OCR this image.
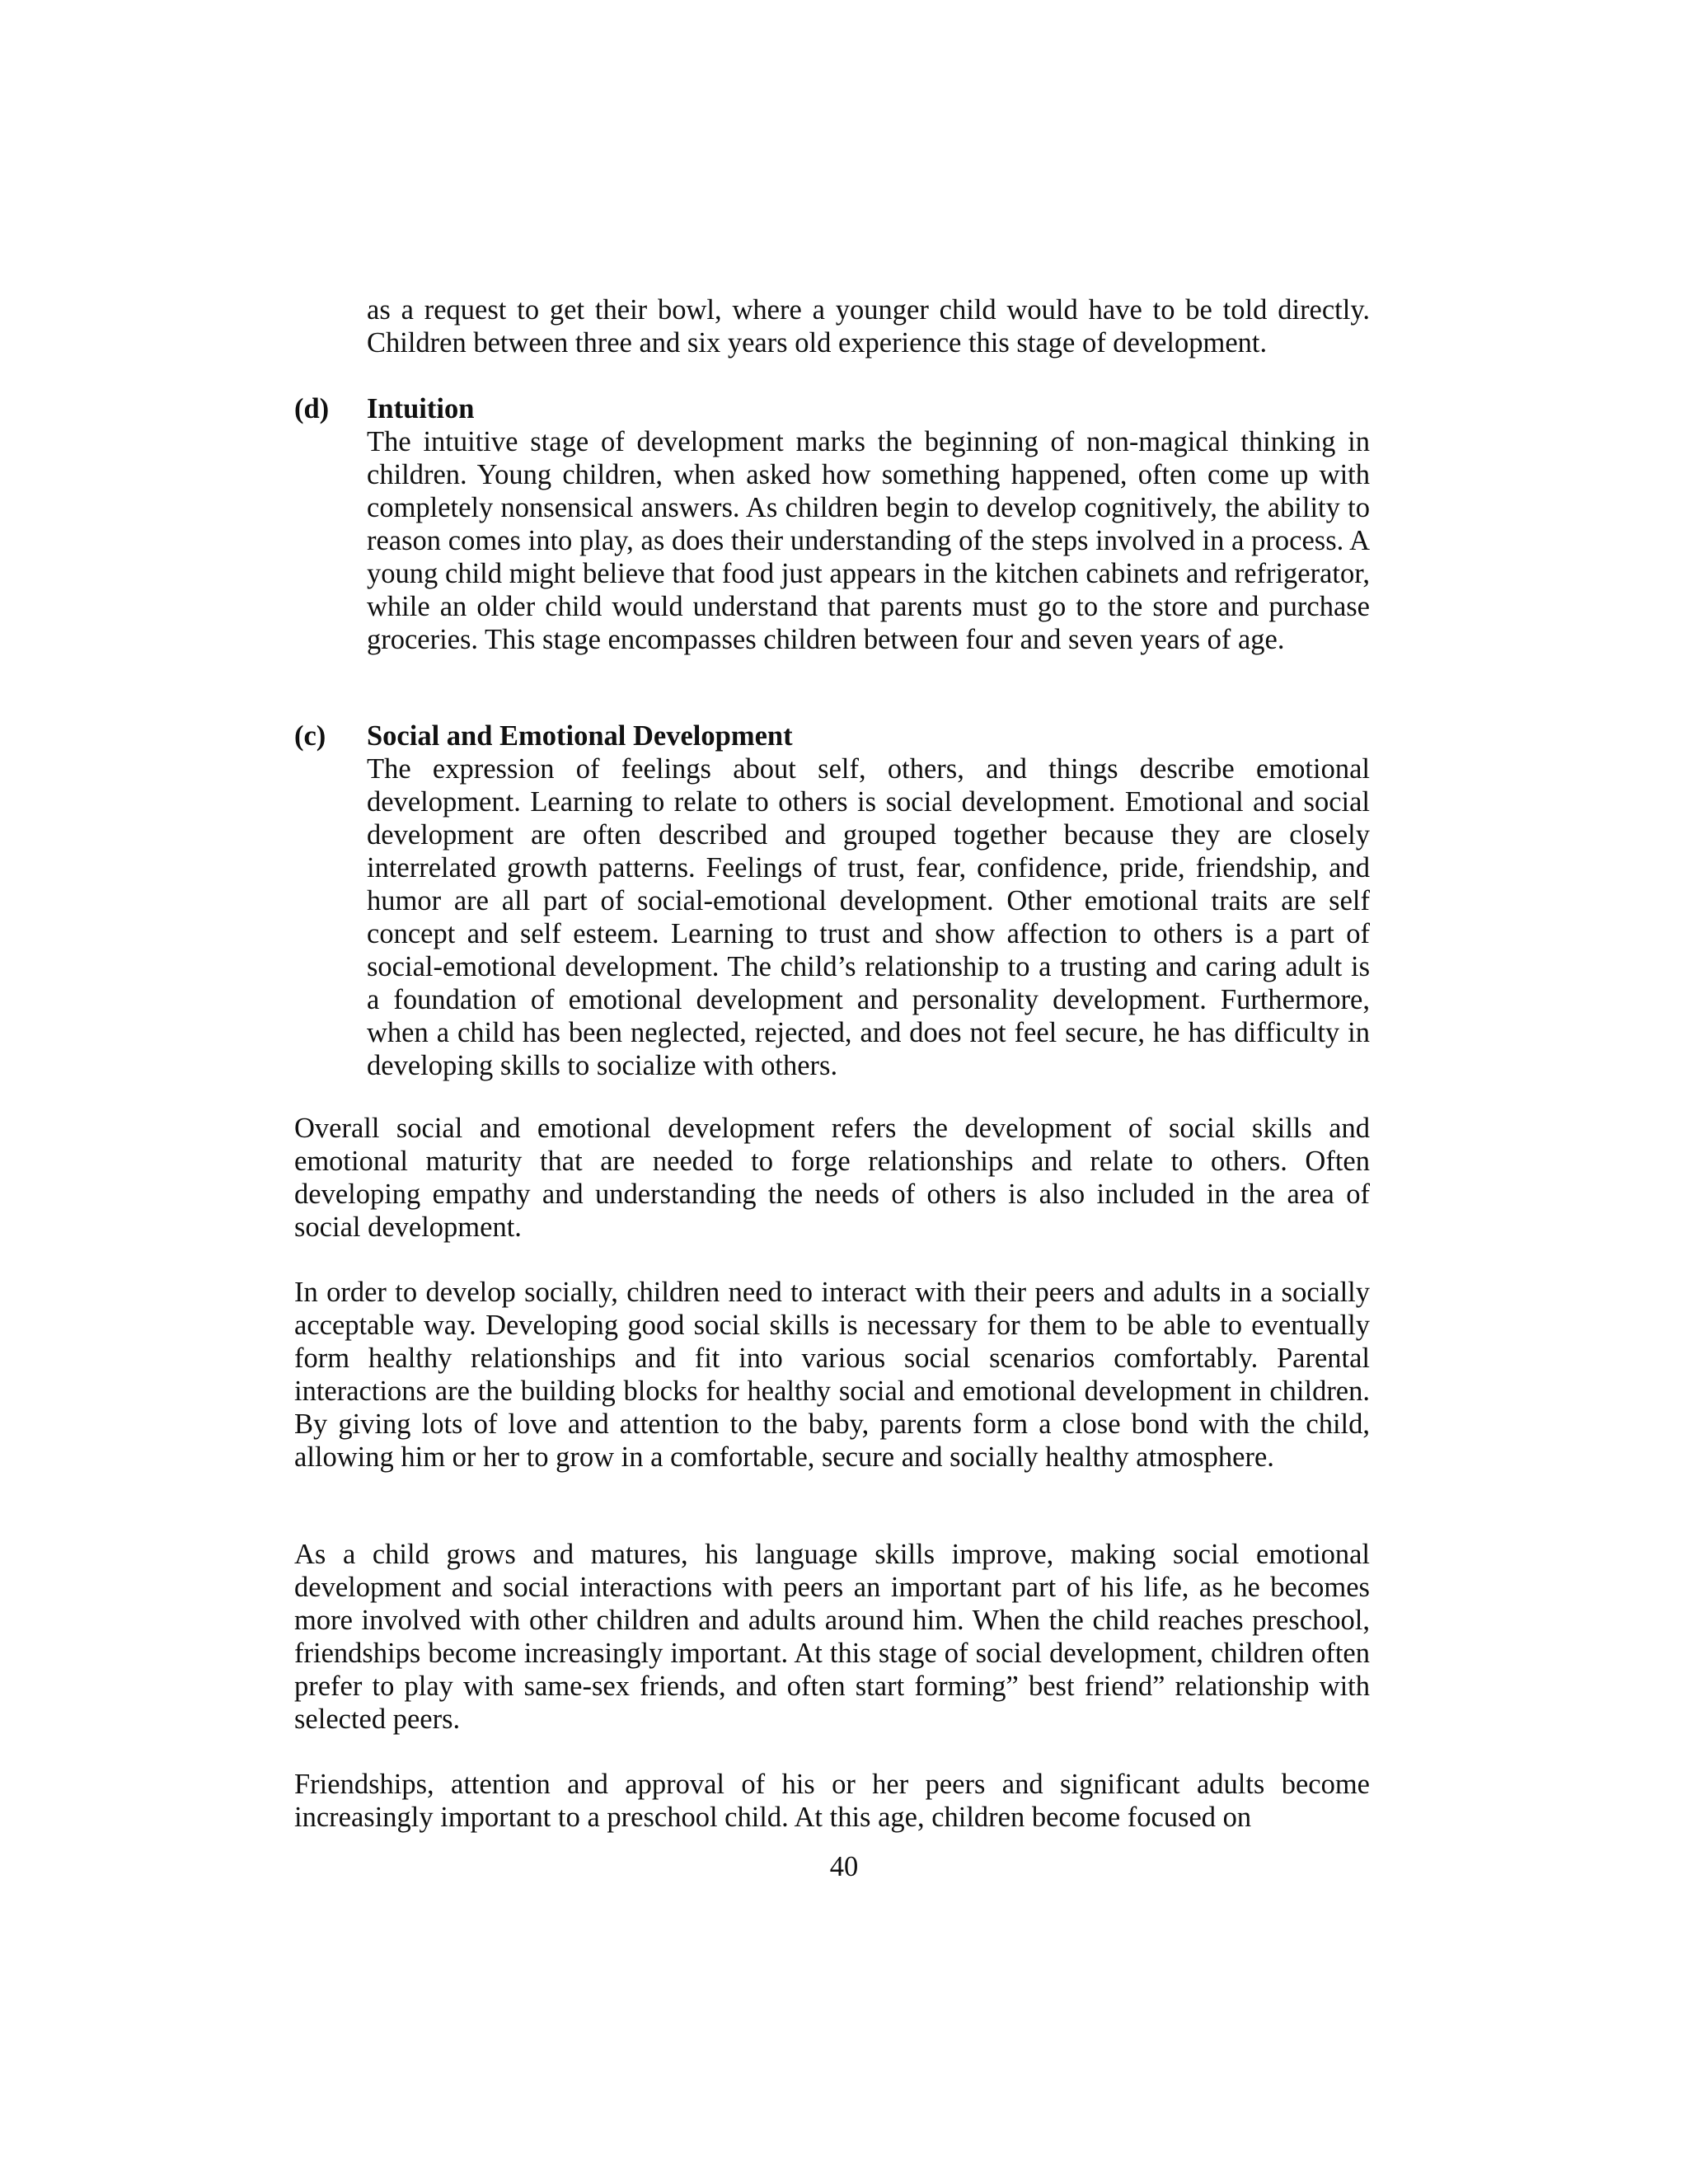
as a request to get their bowl, where a younger child would have to be told directly. Children between three and six years old experience this stage of development.
(d)	Intuition
The intuitive stage of development marks the beginning of non-magical thinking in children. Young children, when asked how something happened, often come up with completely nonsensical answers. As children begin to develop cognitively, the ability to reason comes into play, as does their understanding of the steps involved in a process. A young child might believe that food just appears in the kitchen cabinets and refrigerator, while an older child would understand that parents must go to the store and purchase groceries. This stage encompasses children between four and seven years of age.
(c)	Social and Emotional Development
The expression of feelings about self, others, and things describe emotional development. Learning to relate to others is social development. Emotional and social development are often described and grouped together because they are closely interrelated growth patterns. Feelings of trust, fear, confidence, pride, friendship, and humor are all part of social-emotional development. Other emotional traits are self concept and self esteem. Learning to trust and show affection to others is a part of social-emotional development. The child’s relationship to a trusting and caring adult is a foundation of emotional development and personality development. Furthermore, when a child has been neglected, rejected, and does not feel secure, he has difficulty in developing skills to socialize with others.
Overall social and emotional development refers the development of social skills and emotional maturity that are needed to forge relationships and relate to others. Often developing empathy and understanding the needs of others is also included in the area of social development.
In order to develop socially, children need to interact with their peers and adults in a socially acceptable way. Developing good social skills is necessary for them to be able to eventually form healthy relationships and fit into various social scenarios comfortably. Parental interactions are the building blocks for healthy social and emotional development in children. By giving lots of love and attention to the baby, parents form a close bond with the child, allowing him or her to grow in a comfortable, secure and socially healthy atmosphere.
As a child grows and matures, his language skills improve, making social emotional development and social interactions with peers an important part of his life, as he becomes more involved with other children and adults around him. When the child reaches preschool, friendships become increasingly important. At this stage of social development, children often prefer to play with same-sex friends, and often start forming” best friend” relationship with selected peers.
Friendships, attention and approval of his or her peers and significant adults become increasingly important to a preschool child. At this age, children become focused on
40
